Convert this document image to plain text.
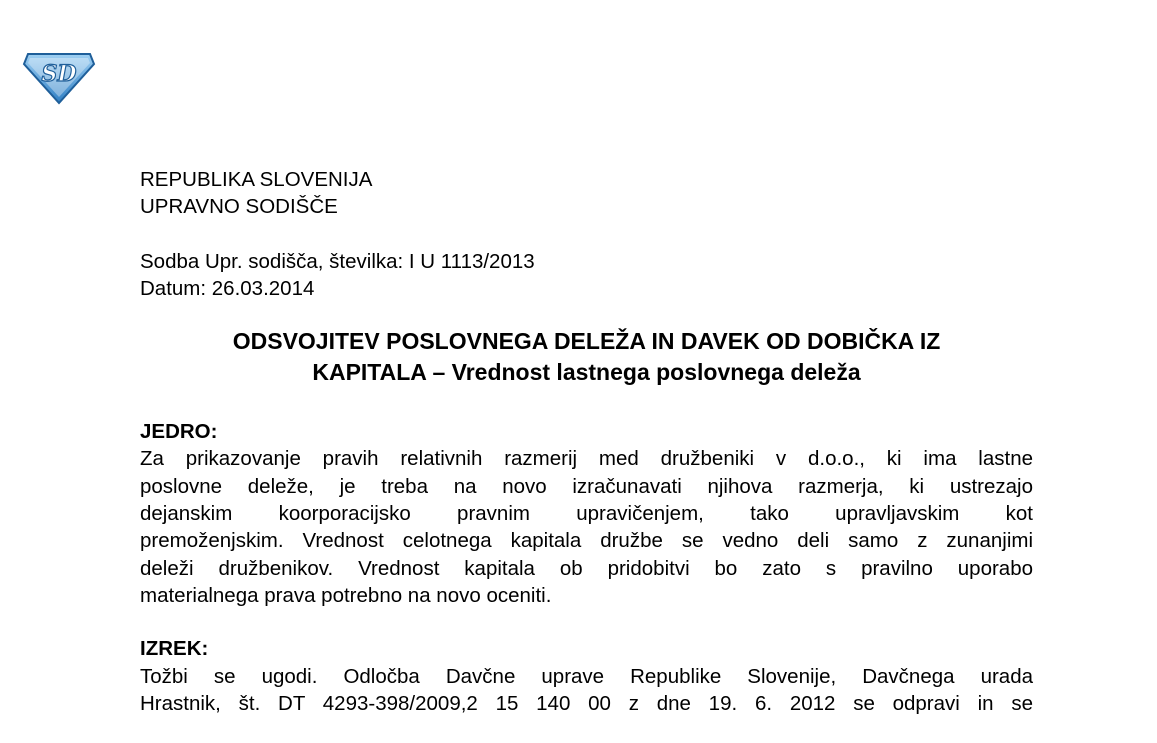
SD
REPUBLIKA SLOVENIJA
UPRAVNO SODIŠČE
Sodba Upr. sodišča, številka: I U 1113/2013
Datum: 26.03.2014
ODSVOJITEV POSLOVNEGA DELEŽA IN DAVEK OD DOBIČKA IZ
KAPITALA – Vrednost lastnega poslovnega deleža
JEDRO:
Za prikazovanje pravih relativnih razmerij med družbeniki v d.o.o., ki ima lastne
poslovne deleže, je treba na novo izračunavati njihova razmerja, ki ustrezajo
dejanskim koorporacijsko pravnim upravičenjem, tako upravljavskim kot
premoženjskim. Vrednost celotnega kapitala družbe se vedno deli samo z zunanjimi
deleži družbenikov. Vrednost kapitala ob pridobitvi bo zato s pravilno uporabo
materialnega prava potrebno na novo oceniti.
IZREK:
Tožbi se ugodi. Odločba Davčne uprave Republike Slovenije, Davčnega urada
Hrastnik, št. DT 4293-398/2009,2 15 140 00 z dne 19. 6. 2012 se odpravi in se
